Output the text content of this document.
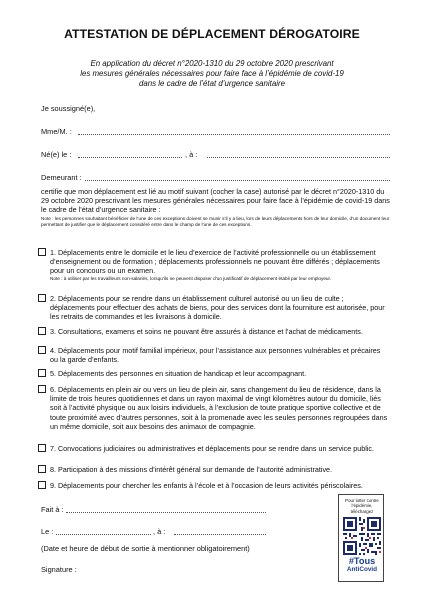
ATTESTATION DE DÉPLACEMENT DÉROGATOIRE
En application du décret n°2020-1310 du 29 octobre 2020 prescrivant
les mesures générales nécessaires pour faire face à l’épidémie de covid-19
dans le cadre de l’état d’urgence sanitaire
Je soussigné(e),
Mme/M. :
Né(e) le :	, à :
Demeurant :
certifie que mon déplacement est lié au motif suivant (cocher la case) autorisé par le décret n°2020-1310 du 29 octobre 2020 prescrivant les mesures générales nécessaires pour faire face à l’épidémie de covid-19 dans le cadre de l’état d’urgence sanitaire :
Note : les personnes souhaitant bénéficier de l’une de ces exceptions doivent se munir s’il y a lieu, lors de leurs déplacements hors de leur domicile, d’un document leur permettant de justifier que le déplacement considéré entre dans le champ de l’une de ces exceptions.
1. Déplacements entre le domicile et le lieu d’exercice de l’activité professionnelle ou un établissement d’enseignement ou de formation ; déplacements professionnels ne pouvant être différés ; déplacements pour un concours ou un examen.
Note : à utiliser par les travailleurs non-salariés, lorsqu’ils ne peuvent disposer d’un justificatif de déplacement établi par leur employeur.
2. Déplacements pour se rendre dans un établissement culturel autorisé ou un lieu de culte ; déplacements pour effectuer des achats de biens, pour des services dont la fourniture est autorisée, pour les retraits de commandes et les livraisons à domicile.
3. Consultations, examens et soins ne pouvant être assurés à distance et l’achat de médicaments.
4. Déplacements pour motif familial impérieux, pour l’assistance aux personnes vulnérables et précaires ou la garde d’enfants.
5. Déplacements des personnes en situation de handicap et leur accompagnant.
6. Déplacements en plein air ou vers un lieu de plein air, sans changement du lieu de résidence, dans la limite de trois heures quotidiennes et dans un rayon maximal de vingt kilomètres autour du domicile, liés soit à l’activité physique ou aux loisirs individuels, à l’exclusion de toute pratique sportive collective et de toute proximité avec d’autres personnes, soit à la promenade avec les seules personnes regroupées dans un même domicile, soit aux besoins des animaux de compagnie.
7. Convocations judiciaires ou administratives et déplacements pour se rendre dans un service public.
8. Participation à des missions d’intérêt général sur demande de l’autorité administrative.
9. Déplacements pour chercher les enfants à l’école et à l’occasion de leurs activités périscolaires.
Fait à :
Le :	, à :
(Date et heure de début de sortie à mentionner obligatoirement)
Signature :
Pour lutter contre
l’épidémie,
téléchargez
#Tous
AntiCovid
